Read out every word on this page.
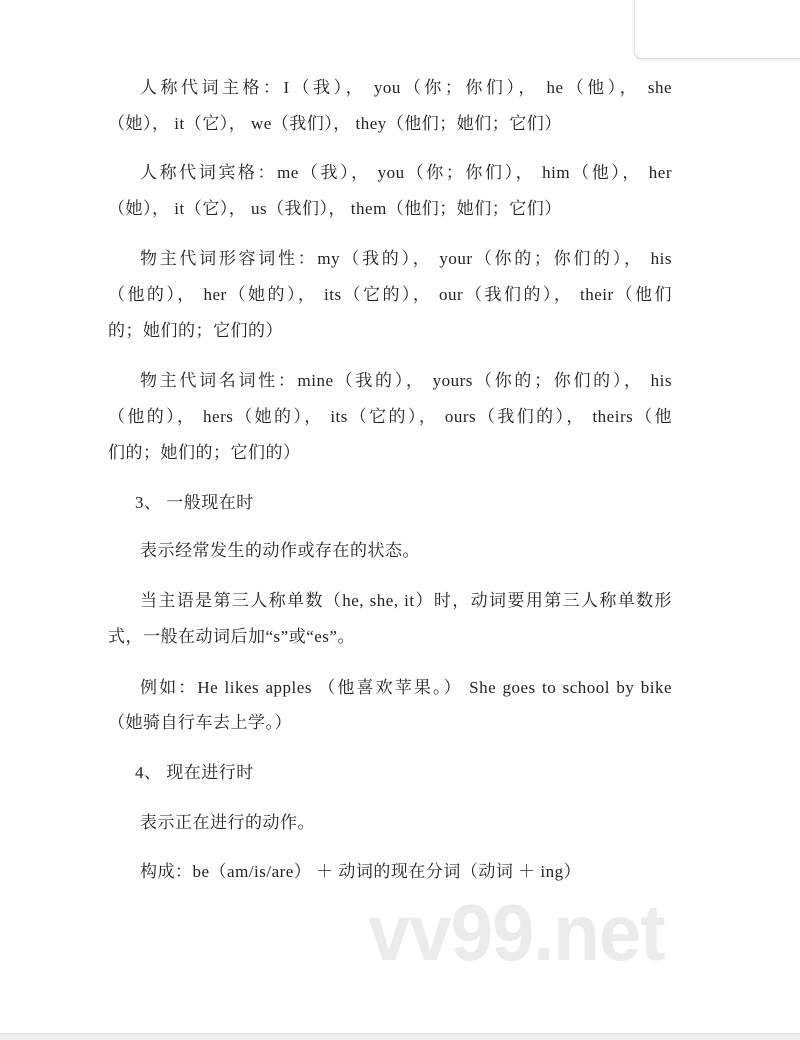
人称代词主格：I（我）， you（你；你们）， he（他）， she
（她）， it（它）， we（我们）， they（他们；她们；它们）
人称代词宾格：me（我）， you（你；你们）， him（他）， her
（她）， it（它）， us（我们）， them（他们；她们；它们）
物主代词形容词性：my（我的）， your（你的；你们的）， his
（他的）， her（她的）， its（它的）， our（我们的）， their（他们
的；她们的；它们的）
物主代词名词性：mine（我的）， yours（你的；你们的）， his
（他的）， hers（她的）， its（它的）， ours（我们的）， theirs（他
们的；她们的；它们的）
3、 一般现在时
表示经常发生的动作或存在的状态。
当主语是第三人称单数（he, she, it）时，动词要用第三人称单数形
式，一般在动词后加“s”或“es”。
例如：He likes apples （他喜欢苹果。） She goes to school by bike
（她骑自行车去上学。）
4、 现在进行时
表示正在进行的动作。
构成：be（am/is/are） ＋ 动词的现在分词（动词 ＋ ing）
vv99.net
